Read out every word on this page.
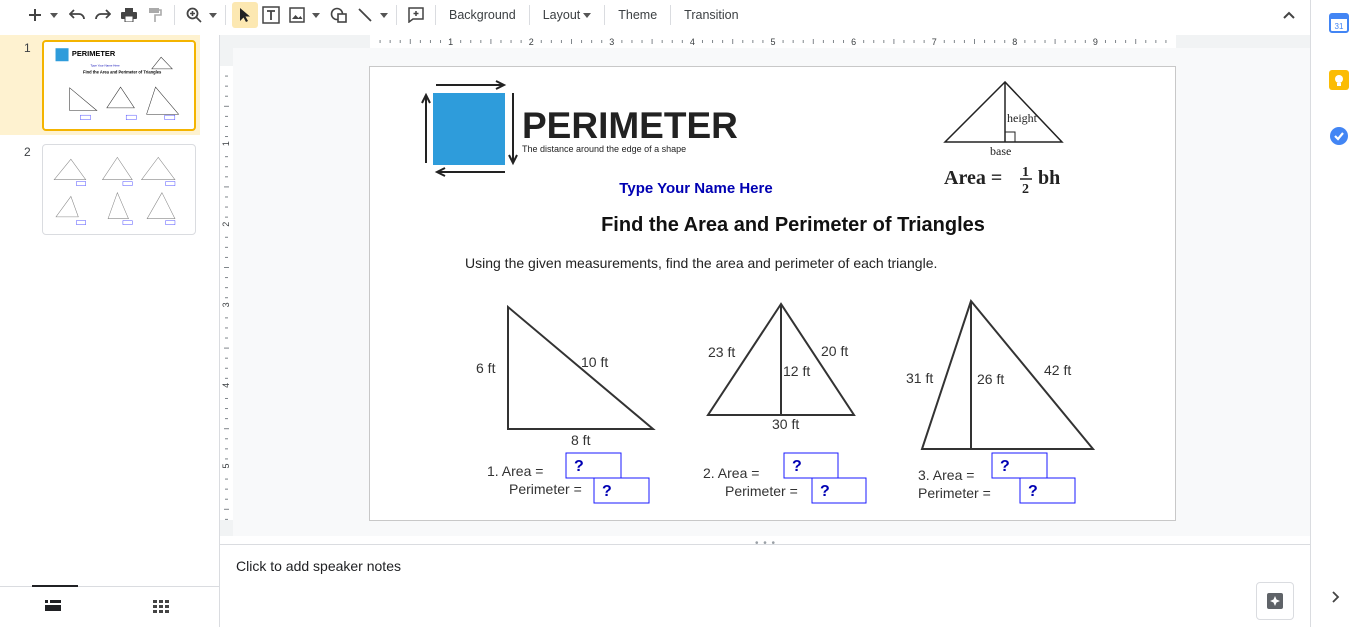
Background	Layout	Theme	Transition
31
1 PERIMETER
Type Your Name Here
Find the Area and Perimeter of Triangles
2
1	2	3	4	5	6	7	8	9
1
2
3
4
5
PERIMETER
The distance around the edge of a shape
height
base
Area = 1
2
bh
Type Your Name Here
Find the Area and Perimeter of Triangles
Using the given measurements, find the area and perimeter of each triangle.
6 ft	10 ft
8 ft
1. Area = ?
Perimeter = ?
23 ft	20 ft
12 ft
30 ft
2. Area = ?
Perimeter = ?
31 ft	42 ft
26 ft
3. Area = ?
Perimeter = ?
• • •
Click to add speaker notes
